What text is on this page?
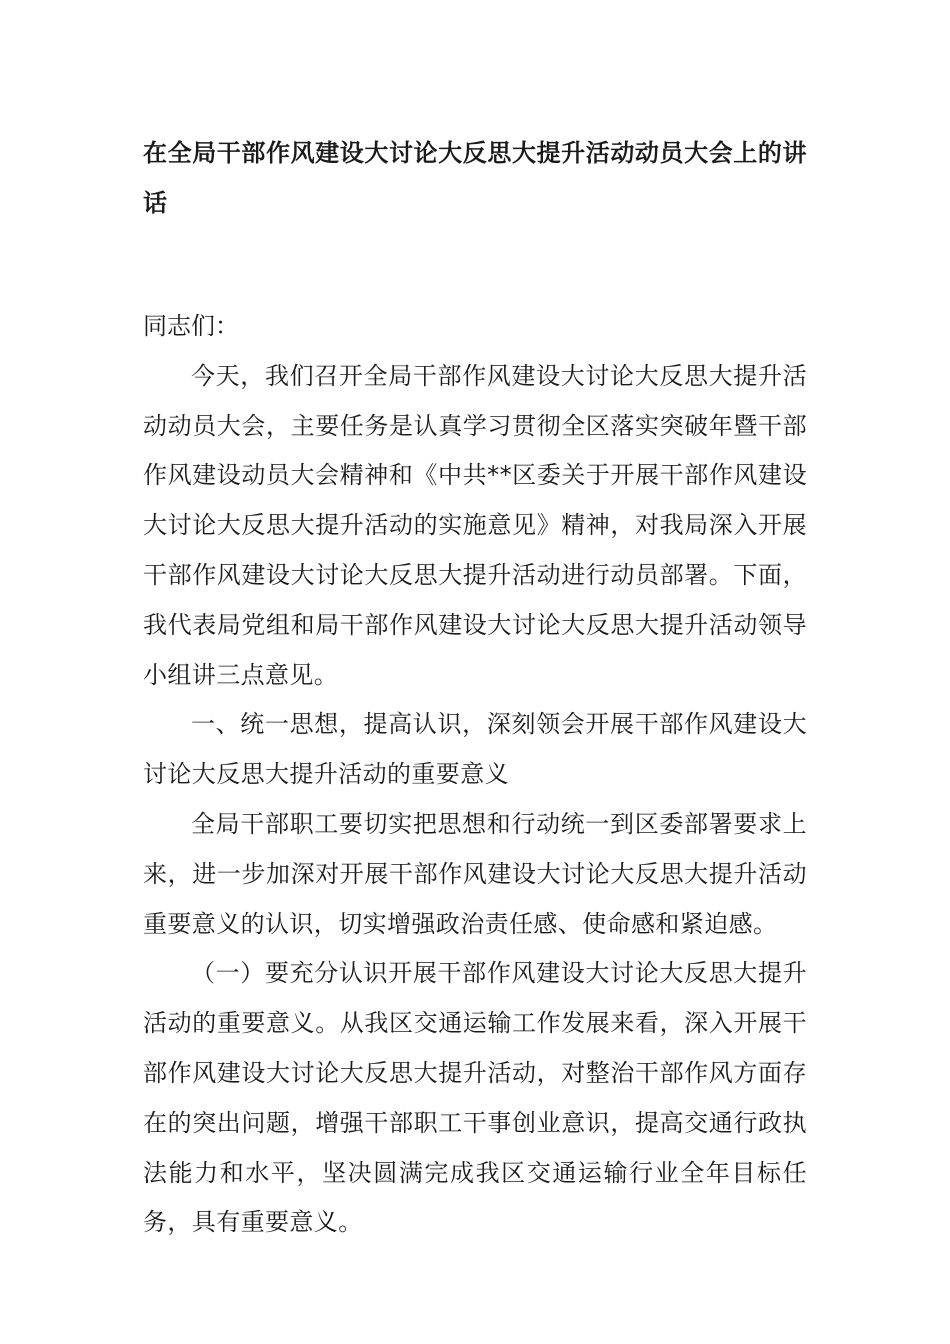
在全局干部作风建设大讨论大反思大提升活动动员大会上的讲话

同志们：

今天，我们召开全局干部作风建设大讨论大反思大提升活动动员大会，主要任务是认真学习贯彻全区落实突破年暨干部作风建设动员大会精神和《中共**区委关于开展干部作风建设大讨论大反思大提升活动的实施意见》精神，对我局深入开展干部作风建设大讨论大反思大提升活动进行动员部署。下面，我代表局党组和局干部作风建设大讨论大反思大提升活动领导小组讲三点意见。

一、统一思想，提高认识，深刻领会开展干部作风建设大讨论大反思大提升活动的重要意义

全局干部职工要切实把思想和行动统一到区委部署要求上来，进一步加深对开展干部作风建设大讨论大反思大提升活动重要意义的认识，切实增强政治责任感、使命感和紧迫感。

（一）要充分认识开展干部作风建设大讨论大反思大提升活动的重要意义。从我区交通运输工作发展来看，深入开展干部作风建设大讨论大反思大提升活动，对整治干部作风方面存在的突出问题，增强干部职工干事创业意识，提高交通行政执法能力和水平，坚决圆满完成我区交通运输行业全年目标任务，具有重要意义。
